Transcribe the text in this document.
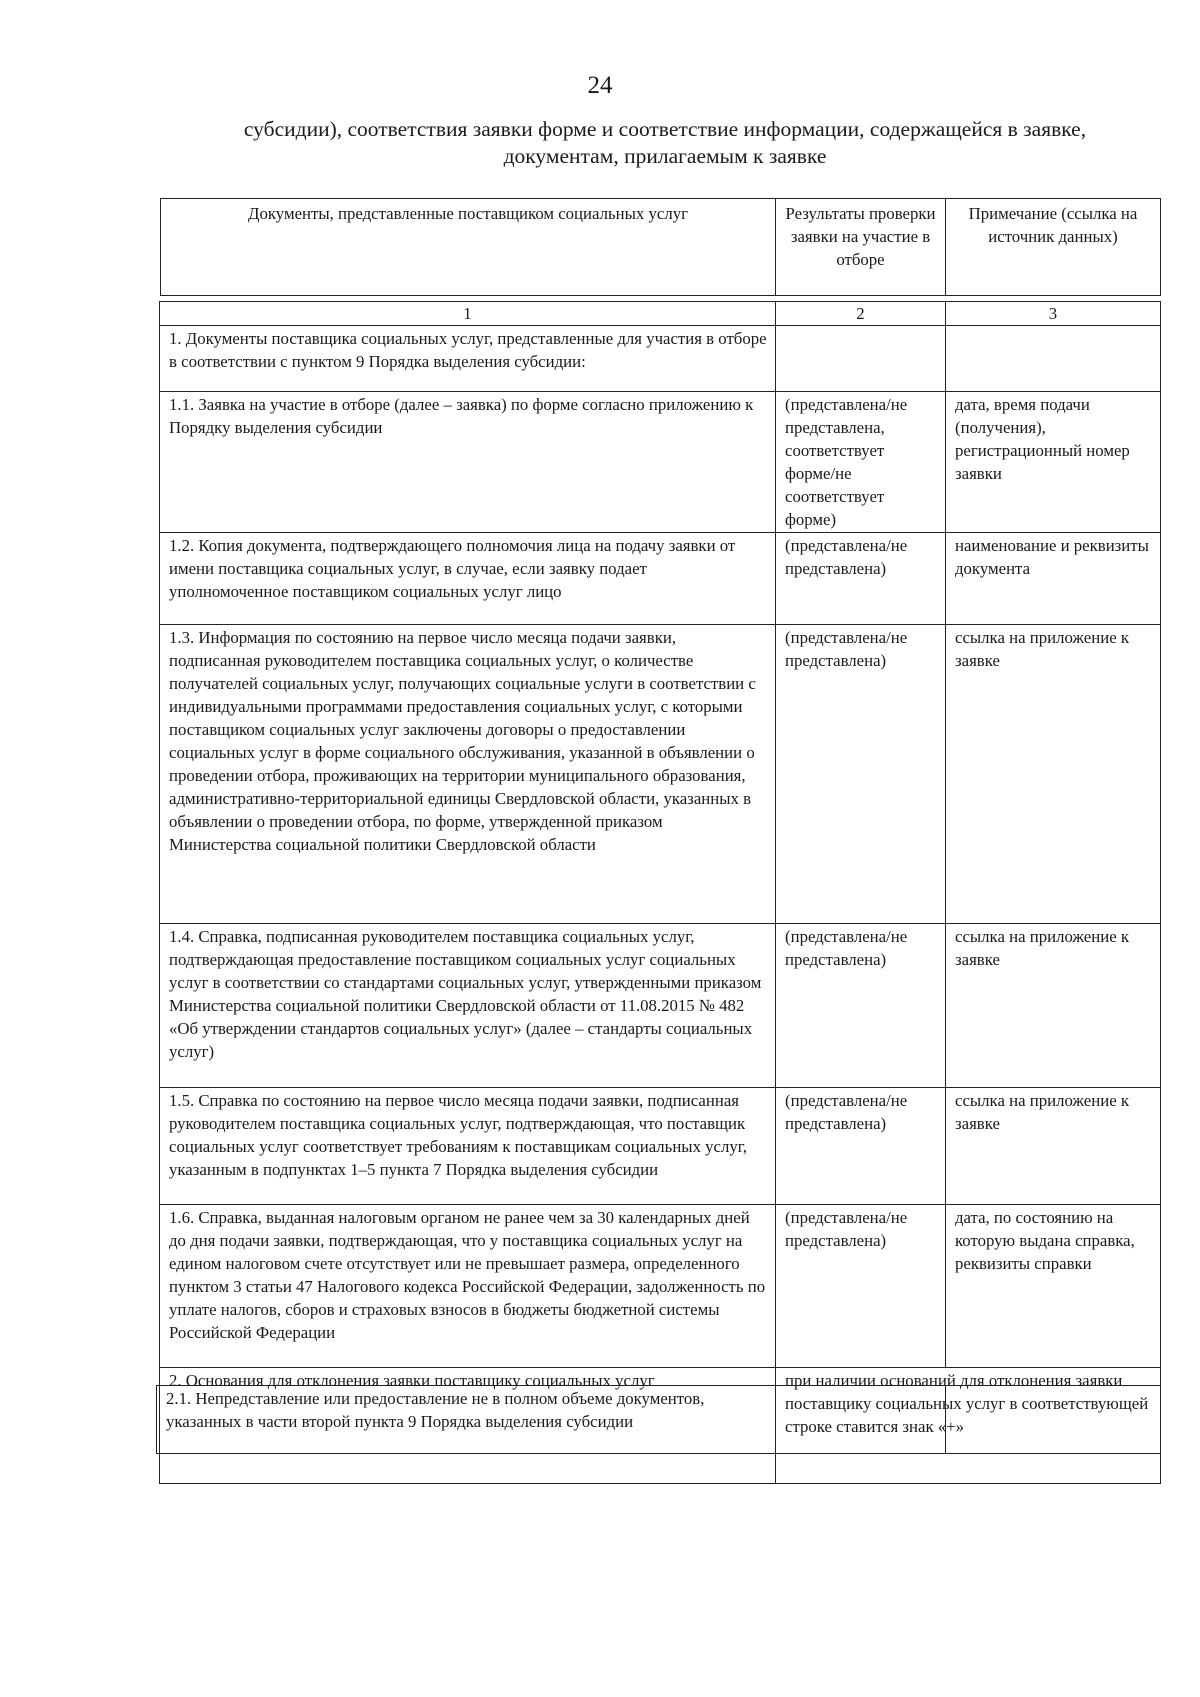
24
субсидии), соответствия заявки форме и соответствие информации, содержащейся в заявке,
документам, прилагаемым к заявке
Документы, представленные поставщиком социальных услуг	Результаты проверки заявки на участие в отборе	Примечание (ссылка на источник данных)
1	2	3
1. Документы поставщика социальных услуг, представленные для участия в отборе в соответствии с пунктом 9 Порядка выделения субсидии:		
1.1. Заявка на участие в отборе (далее – заявка) по форме согласно приложению к Порядку выделения субсидии	(представлена/не представлена, соответствует форме/не соответствует форме)	дата, время подачи (получения), регистрационный номер заявки
1.2. Копия документа, подтверждающего полномочия лица на подачу заявки от имени поставщика социальных услуг, в случае, если заявку подает уполномоченное поставщиком социальных услуг лицо	(представлена/не представлена)	наименование и реквизиты документа
1.3. Информация по состоянию на первое число месяца подачи заявки, подписанная руководителем поставщика социальных услуг, о количестве получателей социальных услуг, получающих социальные услуги в соответствии с индивидуальными программами предоставления социальных услуг, с которыми поставщиком социальных услуг заключены договоры о предоставлении социальных услуг в форме социального обслуживания, указанной в объявлении о проведении отбора, проживающих на территории муниципального образования, административно-территориальной единицы Свердловской области, указанных в объявлении о проведении отбора, по форме, утвержденной приказом Министерства социальной политики Свердловской области	(представлена/не представлена)	ссылка на приложение к заявке
1.4. Справка, подписанная руководителем поставщика социальных услуг, подтверждающая предоставление поставщиком социальных услуг социальных услуг в соответствии со стандартами социальных услуг, утвержденными приказом Министерства социальной политики Свердловской области от 11.08.2015 № 482 «Об утверждении стандартов социальных услуг» (далее – стандарты социальных услуг)	(представлена/не представлена)	ссылка на приложение к заявке
1.5. Справка по состоянию на первое число месяца подачи заявки, подписанная руководителем поставщика социальных услуг, подтверждающая, что поставщик социальных услуг соответствует требованиям к поставщикам социальных услуг, указанным в подпунктах 1–5 пункта 7 Порядка выделения субсидии	(представлена/не представлена)	ссылка на приложение к заявке
1.6. Справка, выданная налоговым органом не ранее чем за 30 календарных дней до дня подачи заявки, подтверждающая, что у поставщика социальных услуг на едином налоговом счете отсутствует или не превышает размера, определенного пунктом 3 статьи 47 Налогового кодекса Российской Федерации, задолженность по уплате налогов, сборов и страховых взносов в бюджеты бюджетной системы Российской Федерации	(представлена/не представлена)	дата, по состоянию на которую выдана справка, реквизиты справки
2. Основания для отклонения заявки поставщику социальных услуг	при наличии оснований для отклонения заявки поставщику социальных услуг в соответствующей строке ставится знак «+»	
2.1. Непредставление или предоставление не в полном объеме документов, указанных в части второй пункта 9 Порядка выделения субсидии		
